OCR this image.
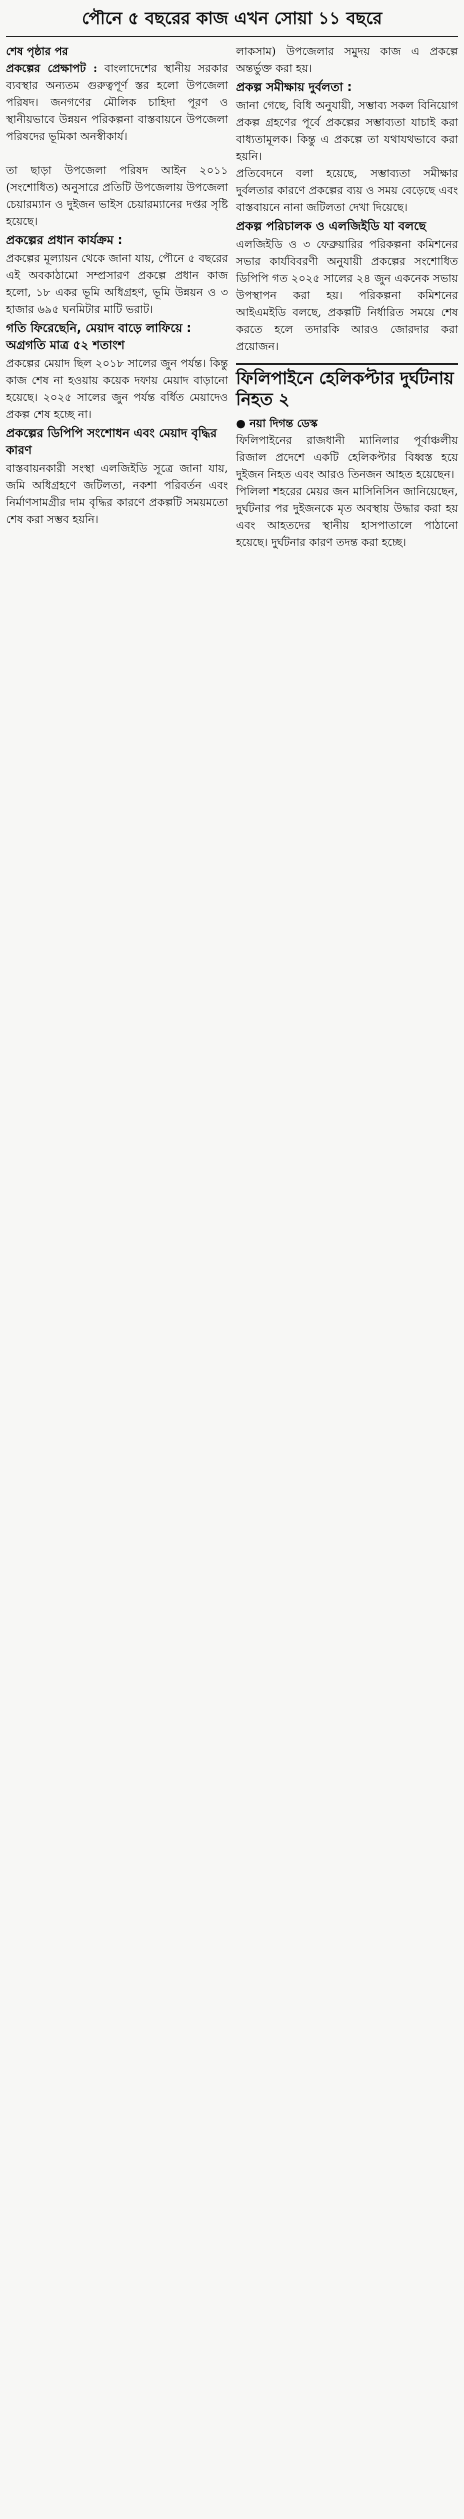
পৌনে ৫ বছরের কাজ এখন সোয়া ১১ বছরে

শেষ পৃষ্ঠার পর

প্রকল্পের প্রেক্ষাপট : বাংলাদেশের স্থানীয় সরকার ব্যবস্থার অন্যতম গুরুত্বপূর্ণ স্তর হলো উপজেলা পরিষদ। জনগণের মৌলিক চাহিদা পূরণ ও স্থানীয়ভাবে উন্নয়ন পরিকল্পনা বাস্তবায়নে উপজেলা পরিষদের ভূমিকা অনস্বীকার্য।

তা ছাড়া উপজেলা পরিষদ আইন ২০১১ (সংশোধিত) অনুসারে প্রতিটি উপজেলায় উপজেলা চেয়ারম্যান ও দুইজন ভাইস চেয়ারম্যানের দপ্তর সৃষ্টি হয়েছে।

প্রকল্পের প্রধান কার্যক্রম :

প্রকল্পের মূল্যায়ন থেকে জানা যায়, পৌনে ৫ বছরের এই অবকাঠামো সম্প্রসারণ প্রকল্পে প্রধান কাজ হলো, ১৮ একর ভূমি অধিগ্রহণ, ভূমি উন্নয়ন ও ৩ হাজার ৬৯৫ ঘনমিটার মাটি ভরাট।

গতি ফিরেছেনি, মেয়াদ বাড়ে লাফিয়ে : অগ্রগতি মাত্র ৫২ শতাংশ

প্রকল্পের মেয়াদ ছিল ২০১৮ সালের জুন পর্যন্ত। কিন্তু কাজ শেষ না হওয়ায় কয়েক দফায় মেয়াদ বাড়ানো হয়েছে। ২০২৫ সালের জুন পর্যন্ত বর্ধিত মেয়াদেও প্রকল্প শেষ হচ্ছে না।

প্রকল্পের ডিপিপি সংশোধন এবং মেয়াদ বৃদ্ধির কারণ

বাস্তবায়নকারী সংস্থা এলজিইডি সূত্রে জানা যায়, জমি অধিগ্রহণে জটিলতা, নকশা পরিবর্তন এবং নির্মাণসামগ্রীর দাম বৃদ্ধির কারণে প্রকল্পটি সময়মতো শেষ করা সম্ভব হয়নি।

লাকসাম) উপজেলার সমুদয় কাজ এ প্রকল্পে অন্তর্ভুক্ত করা হয়।

প্রকল্প সমীক্ষায় দুর্বলতা :

জানা গেছে, বিধি অনুযায়ী, সম্ভাব্য সকল বিনিয়োগ প্রকল্প গ্রহণের পূর্বে প্রকল্পের সম্ভাব্যতা যাচাই করা বাধ্যতামূলক। কিন্তু এ প্রকল্পে তা যথাযথভাবে করা হয়নি।

প্রতিবেদনে বলা হয়েছে, সম্ভাব্যতা সমীক্ষার দুর্বলতার কারণে প্রকল্পের ব্যয় ও সময় বেড়েছে এবং বাস্তবায়নে নানা জটিলতা দেখা দিয়েছে।

প্রকল্প পরিচালক ও এলজিইডি যা বলছে

এলজিইডি ও ৩ ফেব্রুয়ারির পরিকল্পনা কমিশনের সভার কার্যবিবরণী অনুযায়ী প্রকল্পের সংশোধিত ডিপিপি গত ২০২৫ সালের ২৪ জুন একনেক সভায় উপস্থাপন করা হয়। পরিকল্পনা কমিশনের আইএমইডি বলছে, প্রকল্পটি নির্ধারিত সময়ে শেষ করতে হলে তদারকি আরও জোরদার করা প্রয়োজন।

ফিলিপাইনে হেলিকপ্টার দুর্ঘটনায় নিহত ২

● নয়া দিগন্ত ডেস্ক

ফিলিপাইনের রাজধানী ম্যানিলার পূর্বাঞ্চলীয় রিজাল প্রদেশে একটি হেলিকপ্টার বিধ্বস্ত হয়ে দুইজন নিহত এবং আরও তিনজন আহত হয়েছেন।

পিলিলা শহরের মেয়র জন মাসিনিসিন জানিয়েছেন, দুর্ঘটনার পর দুইজনকে মৃত অবস্থায় উদ্ধার করা হয় এবং আহতদের স্থানীয় হাসপাতালে পাঠানো হয়েছে। দুর্ঘটনার কারণ তদন্ত করা হচ্ছে।
